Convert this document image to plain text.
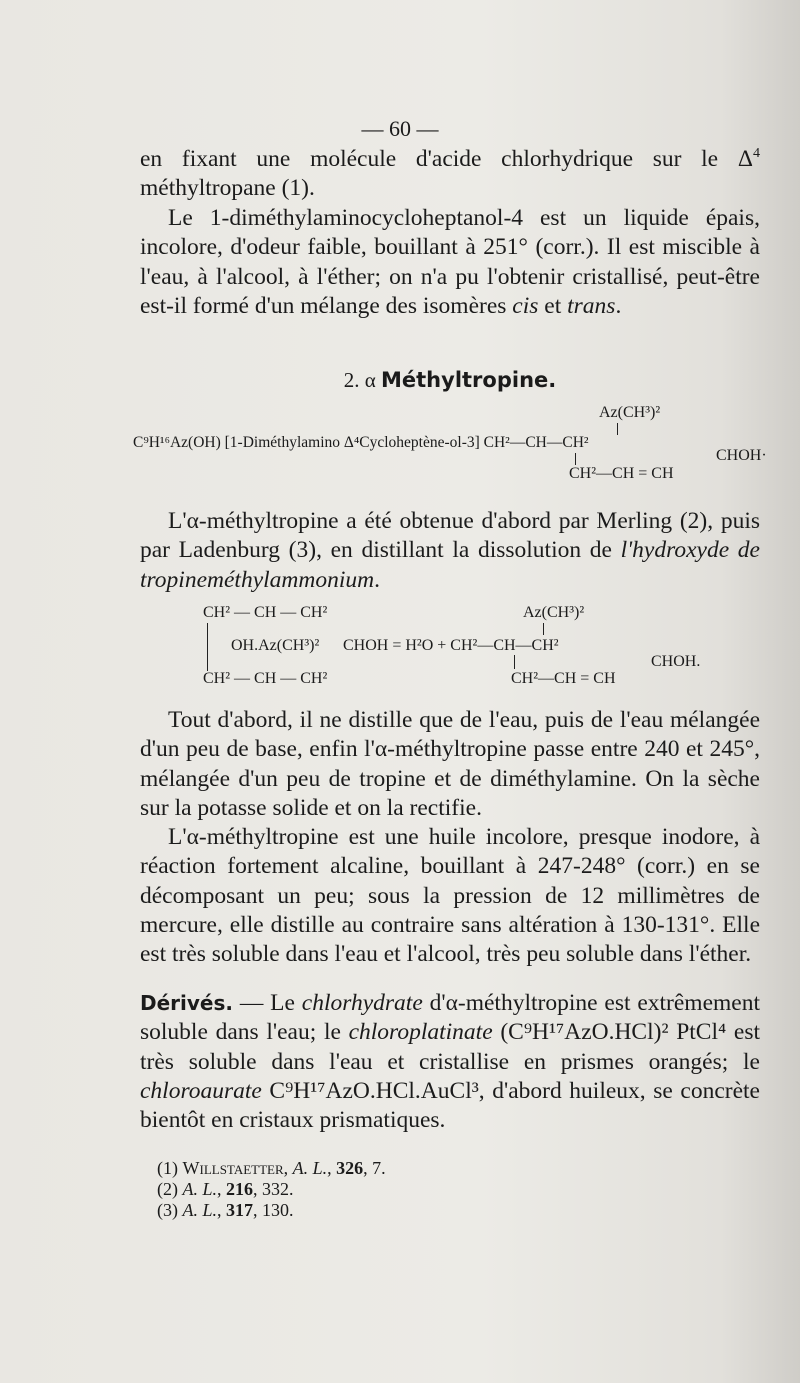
— 60 —

en fixant une molécule d'acide chlorhydrique sur le $\Delta^4$ méthyltropane (1).

Le 1-diméthylaminocycloheptanol-4 est un liquide épais, incolore, d'odeur faible, bouillant à 251° (corr.). Il est miscible à l'eau, à l'alcool, à l'éther; on n'a pu l'obtenir cristallisé, peut-être est-il formé d'un mélange des isomères cis et trans.

2. α Méthyltropine.
Az(CH³)²
C⁹H¹⁶Az(OH) [1-Diméthylamino Δ⁴Cycloheptène-ol-3] CH²—CH—CH²
CHOH·
CH²—CH = CH

L'α-méthyltropine a été obtenue d'abord par Merling (2), puis par Ladenburg (3), en distillant la dissolution de l'hydroxyde de tropineméthylammonium.

CH² — CH — CH²	Az(CH³)²
OH.Az(CH³)² CHOH = H²O + CH²—CH—CH²
CHOH.
CH² — CH — CH²	CH²—CH = CH

Tout d'abord, il ne distille que de l'eau, puis de l'eau mélangée d'un peu de base, enfin l'α-méthyltropine passe entre 240 et 245°, mélangée d'un peu de tropine et de diméthylamine. On la sèche sur la potasse solide et on la rectifie.

L'α-méthyltropine est une huile incolore, presque inodore, à réaction fortement alcaline, bouillant à 247-248° (corr.) en se décomposant un peu; sous la pression de 12 millimètres de mercure, elle distille au contraire sans altération à 130-131°. Elle est très soluble dans l'eau et l'alcool, très peu soluble dans l'éther.

Dérivés. — Le chlorhydrate d'α-méthyltropine est extrêmement soluble dans l'eau; le chloroplatinate (C⁹H¹⁷AzO.HCl)² PtCl⁴ est très soluble dans l'eau et cristallise en prismes orangés; le chloroaurate C⁹H¹⁷AzO.HCl.AuCl³, d'abord huileux, se concrète bientôt en cristaux prismatiques.

(1) Willstaetter, A. L., 326, 7.
(2) A. L., 216, 332.
(3) A. L., 317, 130.
